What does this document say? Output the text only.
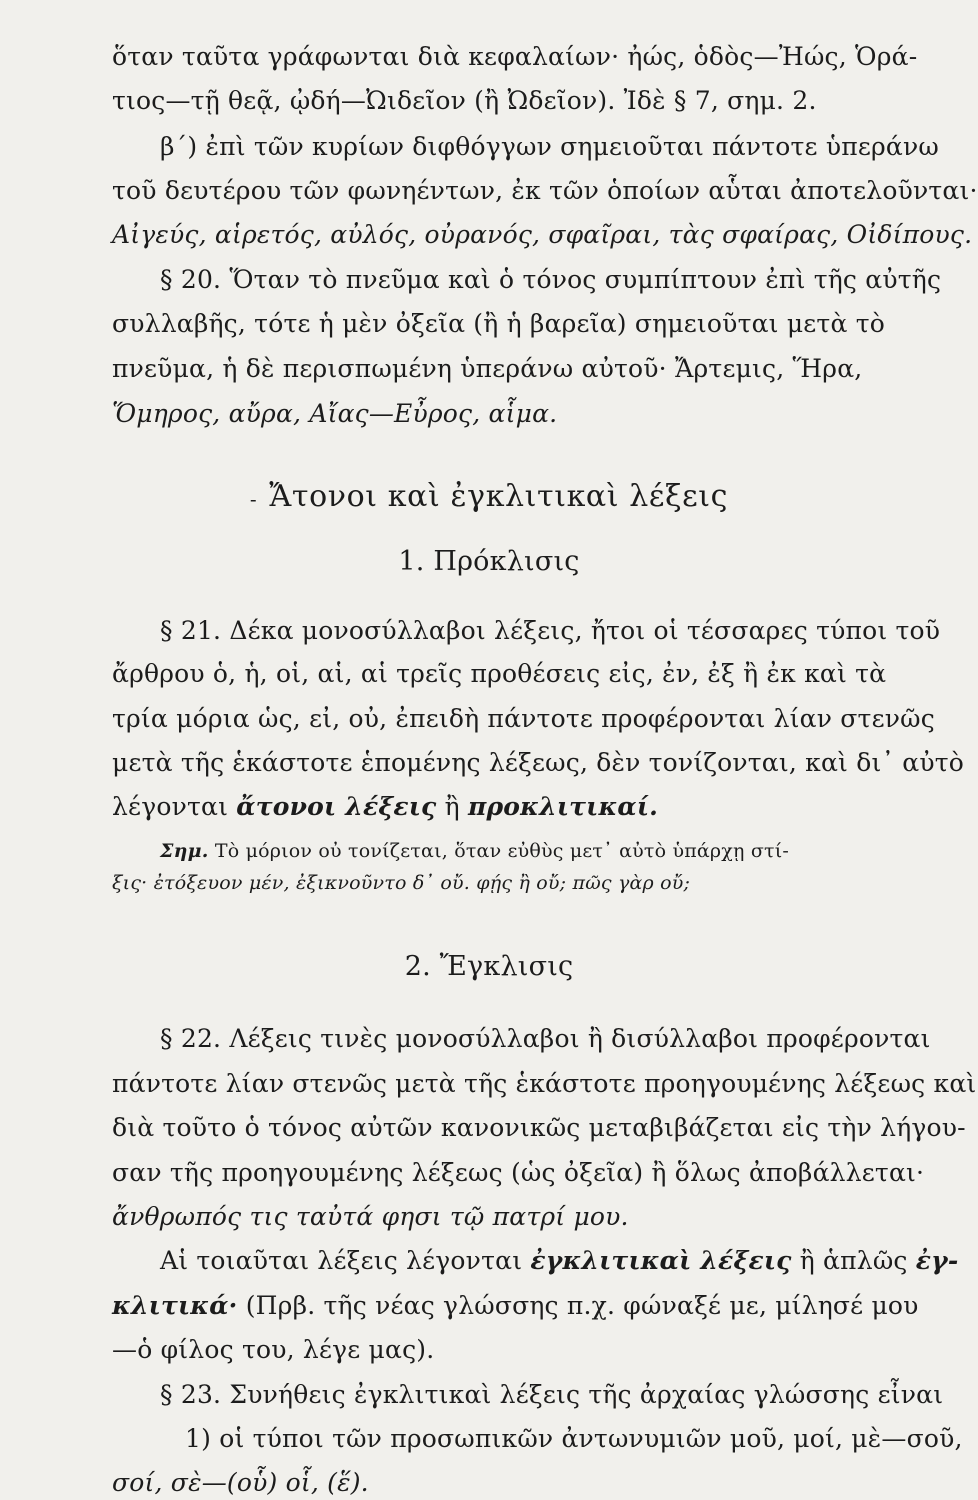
ὅταν ταῦτα γράφωνται διὰ κεφαλαίων· ἠώς, ὁδὸς—Ἠώς, Ὁρά-
τιος—τῇ θεᾷ, ᾠδή—Ὠιδεῖον (ἢ Ὠδεῖον). Ἰδὲ § 7, σημ. 2.
β΄) ἐπὶ τῶν κυρίων διφθόγγων σημειοῦται πάντοτε ὑπεράνω
τοῦ δευτέρου τῶν φωνηέντων, ἐκ τῶν ὁποίων αὗται ἀποτελοῦνται·
Αἰγεύς, αἱρετός, αὐλός, οὐρανός, σφαῖραι, τὰς σφαίρας, Οἰδίπους.
§ 20. Ὅταν τὸ πνεῦμα καὶ ὁ τόνος συμπίπτουν ἐπὶ τῆς αὐτῆς
συλλαβῆς, τότε ἡ μὲν ὀξεῖα (ἢ ἡ βαρεῖα) σημειοῦται μετὰ τὸ
πνεῦμα, ἡ δὲ περισπωμένη ὑπεράνω αὐτοῦ· Ἄρτεμις, Ἥρα,
Ὅμηρος, αὔρα, Αἴας—Εὖρος, αἷμα.
‑ Ἄτονοι καὶ ἐγκλιτικαὶ λέξεις
1. Πρόκλισις
§ 21. Δέκα μονοσύλλαβοι λέξεις, ἤτοι οἱ τέσσαρες τύποι τοῦ
ἄρθρου ὁ, ἡ, οἱ, αἱ, αἱ τρεῖς προθέσεις εἰς, ἐν, ἐξ ἢ ἐκ καὶ τὰ
τρία μόρια ὡς, εἰ, οὐ, ἐπειδὴ πάντοτε προφέρονται λίαν στενῶς
μετὰ τῆς ἑκάστοτε ἑπομένης λέξεως, δὲν τονίζονται, καὶ δι᾿ αὐτὸ
λέγονται ἄτονοι λέξεις ἢ προκλιτικαί.
Σημ. Τὸ μόριον οὐ τονίζεται, ὅταν εὐθὺς μετ᾿ αὐτὸ ὑπάρχῃ στί-
ξις· ἐτόξευον μέν, ἐξικνοῦντο δ᾿ οὔ. φῄς ἢ οὔ; πῶς γὰρ οὔ;
2. Ἔγκλισις
§ 22. Λέξεις τινὲς μονοσύλλαβοι ἢ δισύλλαβοι προφέρονται
πάντοτε λίαν στενῶς μετὰ τῆς ἑκάστοτε προηγουμένης λέξεως καὶ
διὰ τοῦτο ὁ τόνος αὐτῶν κανονικῶς μεταβιβάζεται εἰς τὴν λήγου-
σαν τῆς προηγουμένης λέξεως (ὡς ὀξεῖα) ἢ ὅλως ἀποβάλλεται·
ἄνθρωπός τις ταὐτά φησι τῷ πατρί μου.
Αἱ τοιαῦται λέξεις λέγονται ἐγκλιτικαὶ λέξεις ἢ ἁπλῶς ἐγ-
κλιτικά· (Πρβ. τῆς νέας γλώσσης π.χ. φώναξέ με, μίλησέ μου
—ὁ φίλος του, λέγε μας).
§ 23. Συνήθεις ἐγκλιτικαὶ λέξεις τῆς ἀρχαίας γλώσσης εἶναι
1) οἱ τύποι τῶν προσωπικῶν ἀντωνυμιῶν μοῦ, μοί, μὲ—σοῦ,
σοί, σὲ—(οὗ) οἷ, (ἕ).
